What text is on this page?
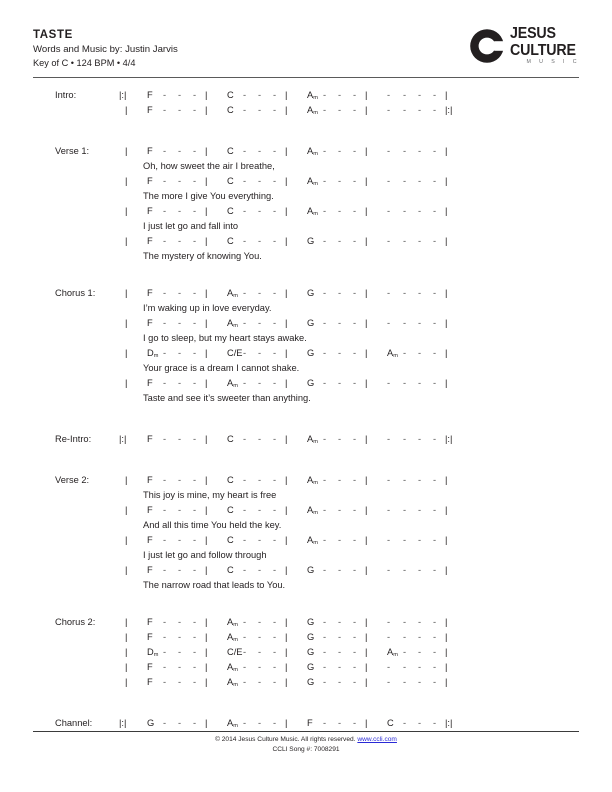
TASTE
Words and Music by: Justin Jarvis
Key of C • 124 BPM • 4/4
JESUS
CULTURE
M U S I C
Intro:	|:| F - - - | C - - - | $A_m$ - - - | - - - - |
| F - - - | C - - - | $A_m$ - - - | - - - - |:|
Verse 1:	| F - - - | C - - - | $A_m$ - - - | - - - - |
Oh, how sweet the air I breathe,
| F - - - | C - - - | $A_m$ - - - | - - - - |
The more I give You everything.
| F - - - | C - - - | $A_m$ - - - | - - - - |
I just let go and fall into
| F - - - | C - - - | G - - - | - - - - |
The mystery of knowing You.
Chorus 1:	| F - - - | $A_m$ - - - | G - - - | - - - - |
I’m waking up in love everyday.
| F - - - | $A_m$ - - - | G - - - | - - - - |
I go to sleep, but my heart stays awake.
| $D_m$ - - - | C/E - - - | G - - - | $A_m$ - - - |
Your grace is a dream I cannot shake.
| F - - - | $A_m$ - - - | G - - - | - - - - |
Taste and see it’s sweeter than anything.
Re-Intro:	|:| F - - - | C - - - | $A_m$ - - - | - - - - |:|
Verse 2:	| F - - - | C - - - | $A_m$ - - - | - - - - |
This joy is mine, my heart is free
| F - - - | C - - - | $A_m$ - - - | - - - - |
And all this time You held the key.
| F - - - | C - - - | $A_m$ - - - | - - - - |
I just let go and follow through
| F - - - | C - - - | G - - - | - - - - |
The narrow road that leads to You.
Chorus 2:	| F - - - | $A_m$ - - - | G - - - | - - - - |
| F - - - | $A_m$ - - - | G - - - | - - - - |
| $D_m$ - - - | C/E - - - | G - - - | $A_m$ - - - |
| F - - - | $A_m$ - - - | G - - - | - - - - |
| F - - - | $A_m$ - - - | G - - - | - - - - |
Channel:	|:| G - - - | $A_m$ - - - | F - - - | C - - - |:|
© 2014 Jesus Culture Music. All rights reserved. www.ccli.com
CCLI Song #: 7008291
